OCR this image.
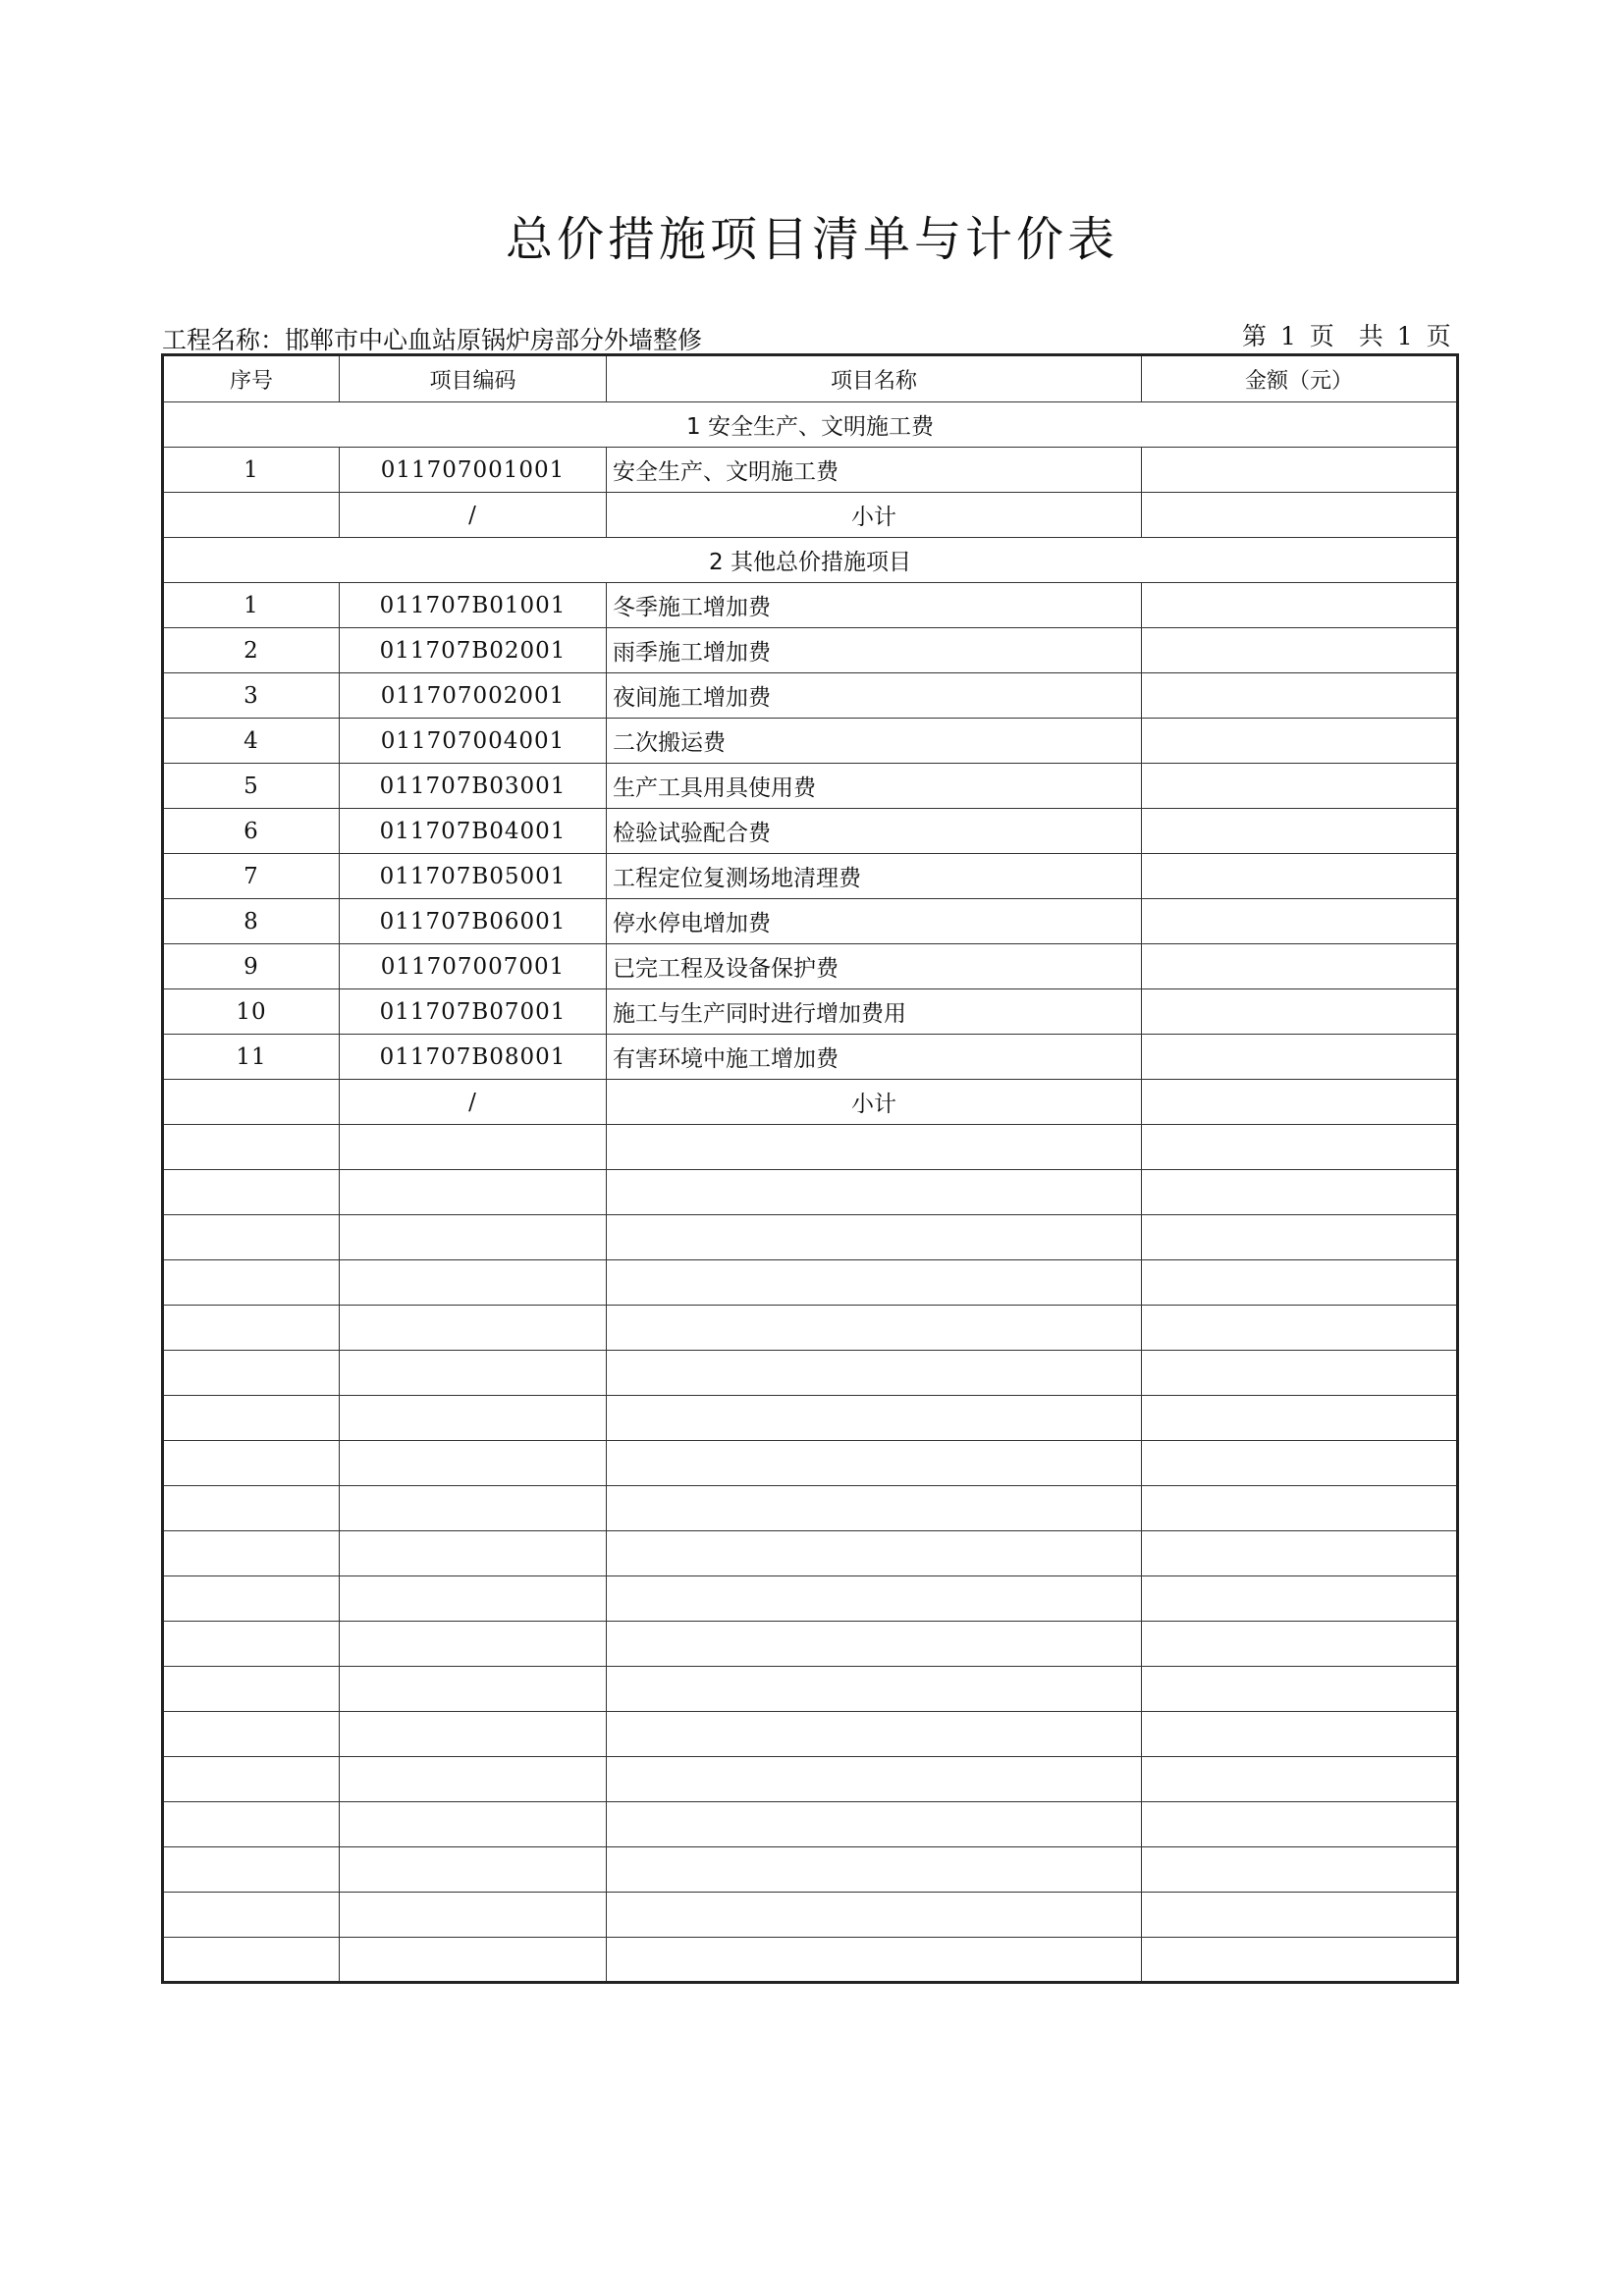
总价措施项目清单与计价表
工程名称：邯郸市中心血站原锅炉房部分外墙整修	第 1 页　共 1 页
序号	项目编码	项目名称	金额（元）
1 安全生产、文明施工费			
1	011707001001	安全生产、文明施工费	
	/	小计	
2 其他总价措施项目			
1	011707B01001	冬季施工增加费	
2	011707B02001	雨季施工增加费	
3	011707002001	夜间施工增加费	
4	011707004001	二次搬运费	
5	011707B03001	生产工具用具使用费	
6	011707B04001	检验试验配合费	
7	011707B05001	工程定位复测场地清理费	
8	011707B06001	停水停电增加费	
9	011707007001	已完工程及设备保护费	
10	011707B07001	施工与生产同时进行增加费用	
11	011707B08001	有害环境中施工增加费	
	/	小计	
